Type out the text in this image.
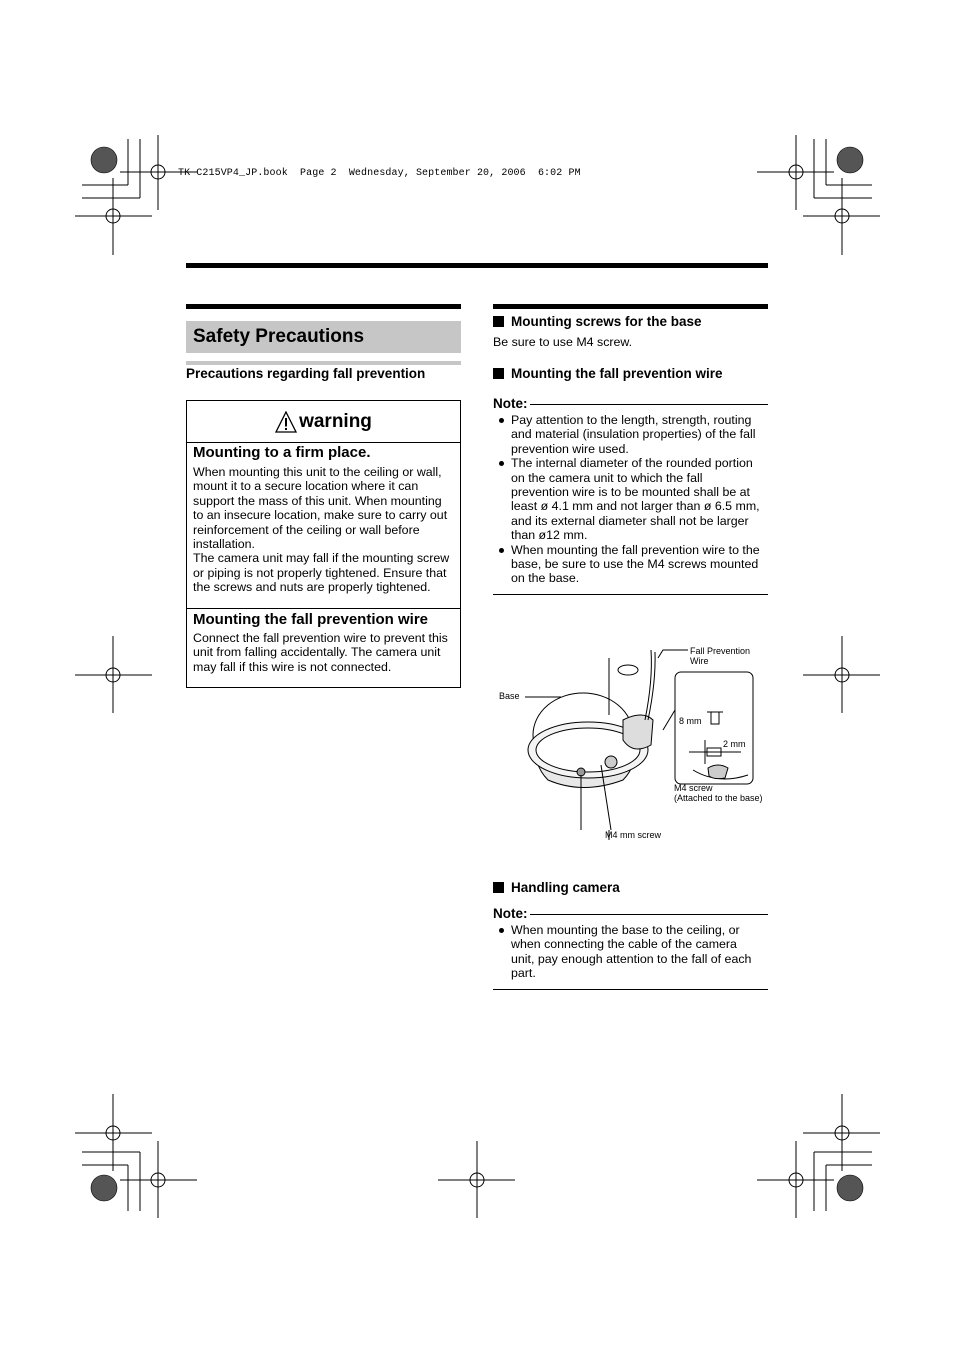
TK-C215VP4_JP.book  Page 2  Wednesday, September 20, 2006  6:02 PM
Safety Precautions
Precautions regarding fall prevention
warning
Mounting to a firm place.
When mounting this unit to the ceiling or wall,
mount it to a secure location where it can
support the mass of this unit. When mounting
to an insecure location, make sure to carry out
reinforcement of the ceiling or wall before
installation.
The camera unit may fall if the mounting screw
or piping is not properly tightened. Ensure that
the screws and nuts are properly tightened.
Mounting the fall prevention wire
Connect the fall prevention wire to prevent this
unit from falling accidentally. The camera unit
may fall if this wire is not connected.
Mounting screws for the base
Be sure to use M4 screw.
Mounting the fall prevention wire
Note:
Pay attention to the length, strength, routing
and material (insulation properties) of the fall
prevention wire used.
The internal diameter of the rounded portion
on the camera unit to which the fall
prevention wire is to be mounted shall be at
least ø 4.1 mm and not larger than ø 6.5 mm,
and its external diameter shall not be larger
than ø12 mm.
When mounting the fall prevention wire to the
base, be sure to use the M4 screws mounted
on the base.
Fall Prevention
Wire
Base
8 mm
2 mm
M4 screw
(Attached to the base)
M4 mm screw
Handling camera
Note:
When mounting the base to the ceiling, or
when connecting the cable of the camera
unit, pay enough attention to the fall of each
part.
